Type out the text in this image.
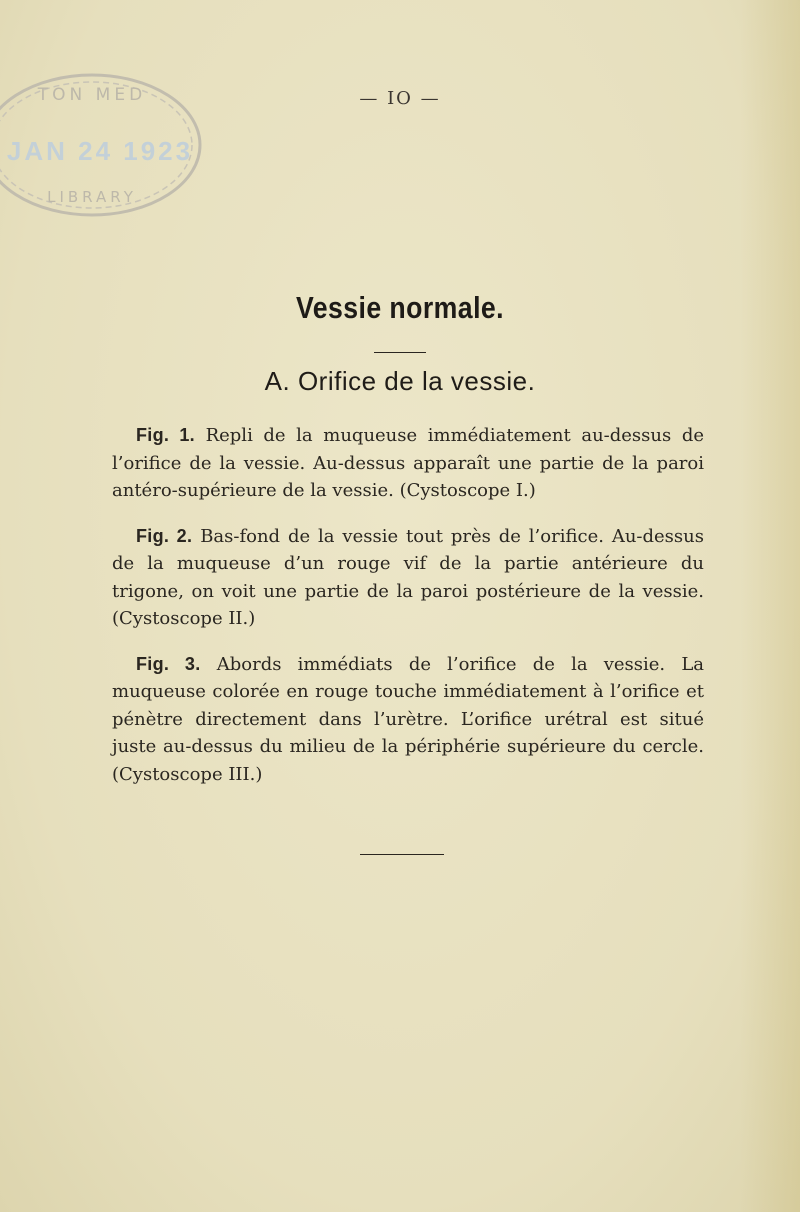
TON MED
JAN 24 1923
LIBRARY
— IO —
Vessie normale.
A. Orifice de la vessie.

Fig. 1. Repli de la muqueuse immédiatement au-dessus de l’orifice de la vessie. Au-dessus apparaît une partie de la paroi antéro-supérieure de la vessie. (Cystoscope I.)

Fig. 2. Bas-fond de la vessie tout près de l’orifice. Au-dessus de la muqueuse d’un rouge vif de la partie antérieure du trigone, on voit une partie de la paroi postérieure de la vessie. (Cystoscope II.)

Fig. 3. Abords immédiats de l’orifice de la vessie. La muqueuse colorée en rouge touche immédiatement à l’orifice et pénètre directement dans l’urètre. L’orifice urétral est situé juste au-dessus du milieu de la périphérie supérieure du cercle. (Cystoscope III.)
